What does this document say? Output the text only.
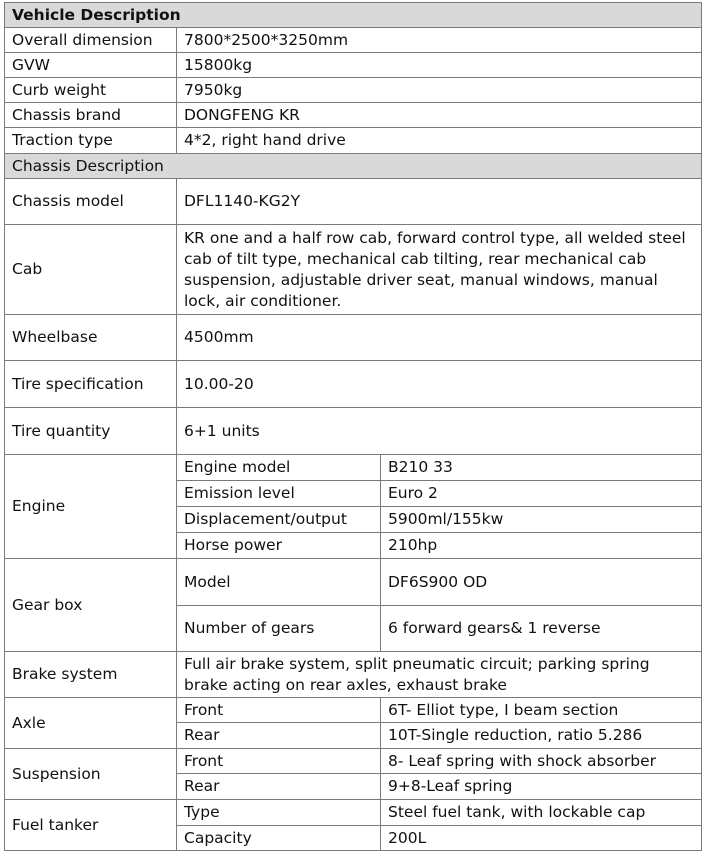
Vehicle Description		
Overall dimension	7800*2500*3250mm	
GVW	15800kg	
Curb weight	7950kg	
Chassis brand	DONGFENG KR	
Traction type	4*2, right hand drive	
Chassis Description		
Chassis model	DFL1140-KG2Y	
Cab	KR one and a half row cab, forward control type, all welded steel cab of tilt type, mechanical cab tilting, rear mechanical cab suspension, adjustable driver seat, manual windows, manual lock, air conditioner.	
Wheelbase	4500mm	
Tire specification	10.00-20	
Tire quantity	6+1 units	
Engine	Engine model	B210 33
	Emission level	Euro 2
	Displacement/output	5900ml/155kw
	Horse power	210hp
Gear box	Model	DF6S900 OD
	Number of gears	6 forward gears& 1 reverse
Brake system	Full air brake system, split pneumatic circuit; parking spring brake acting on rear axles, exhaust brake	
Axle	Front	6T- Elliot type, I beam section
	Rear	10T-Single reduction, ratio 5.286
Suspension	Front	8- Leaf spring with shock absorber
	Rear	9+8-Leaf spring
Fuel tanker	Type	Steel fuel tank, with lockable cap
	Capacity	200L
